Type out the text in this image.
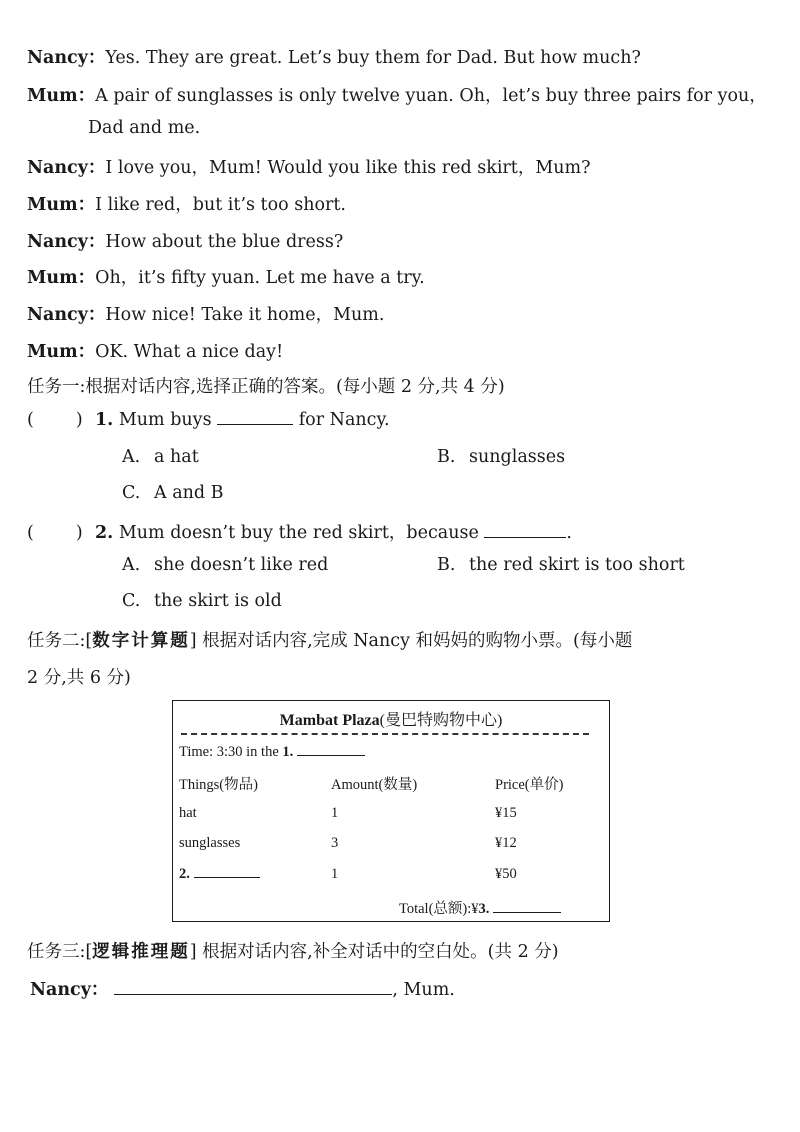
Nancy：Yes. They are great. Let’s buy them for Dad. But how much?
Mum：A pair of sunglasses is only twelve yuan. Oh，let’s buy three pairs for you，
Dad and me.
Nancy：I love you，Mum! Would you like this red skirt，Mum?
Mum：I like red，but it’s too short.
Nancy：How about the blue dress?
Mum：Oh，it’s fifty yuan. Let me have a try.
Nancy：How nice! Take it home，Mum.
Mum：OK. What a nice day!
任务一:根据对话内容,选择正确的答案。(每小题 2 分,共 4 分)
( ) 1. Mum buys	for Nancy.
A. a hat	B. sunglasses
C. A and B
( ) 2. Mum doesn’t buy the red skirt，because	.
A. she doesn’t like red	B. the red skirt is too short
C. the skirt is old
任务二:[数字计算题] 根据对话内容,完成 Nancy 和妈妈的购物小票。(每小题
2 分,共 6 分)
Mambat Plaza(曼巴特购物中心)
Time: 3:30 in the 1.
Things(物品)	Amount(数量)	Price(单价)
hat	1	¥15
sunglasses	3	¥12
2.	1	¥50
Total(总额):¥3.
任务三:[逻辑推理题] 根据对话内容,补全对话中的空白处。(共 2 分)
Nancy：	, Mum.
